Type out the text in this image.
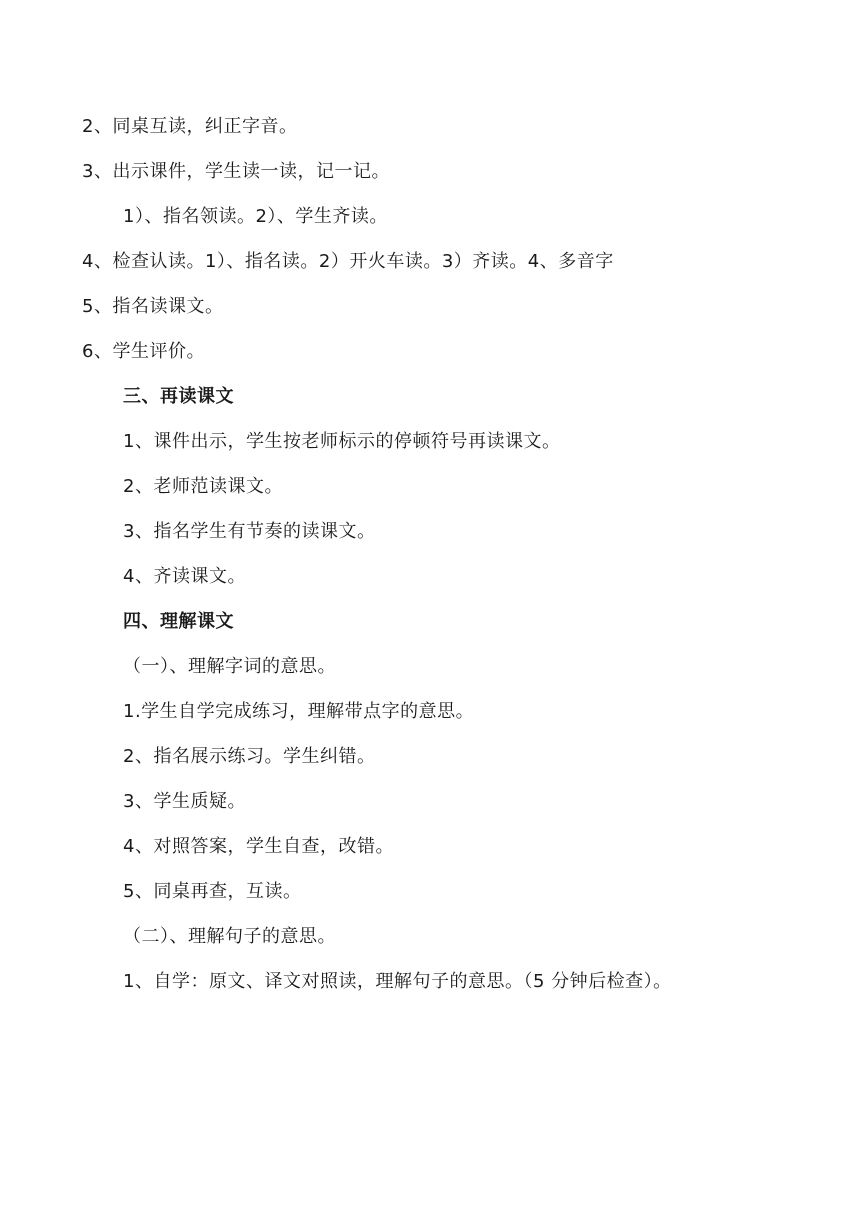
2、同桌互读，纠正字音。
3、出示课件，学生读一读，记一记。
1）、指名领读。2）、学生齐读。
4、检查认读。1）、指名读。2）开火车读。3）齐读。4、多音字
5、指名读课文。
6、学生评价。
三、再读课文
1、课件出示，学生按老师标示的停顿符号再读课文。
2、老师范读课文。
3、指名学生有节奏的读课文。
4、齐读课文。
四、理解课文
（一）、理解字词的意思。
1.学生自学完成练习，理解带点字的意思。
2、指名展示练习。学生纠错。
3、学生质疑。
4、对照答案，学生自查，改错。
5、同桌再查，互读。
（二）、理解句子的意思。
1、自学：原文、译文对照读，理解句子的意思。（5 分钟后检查）。
